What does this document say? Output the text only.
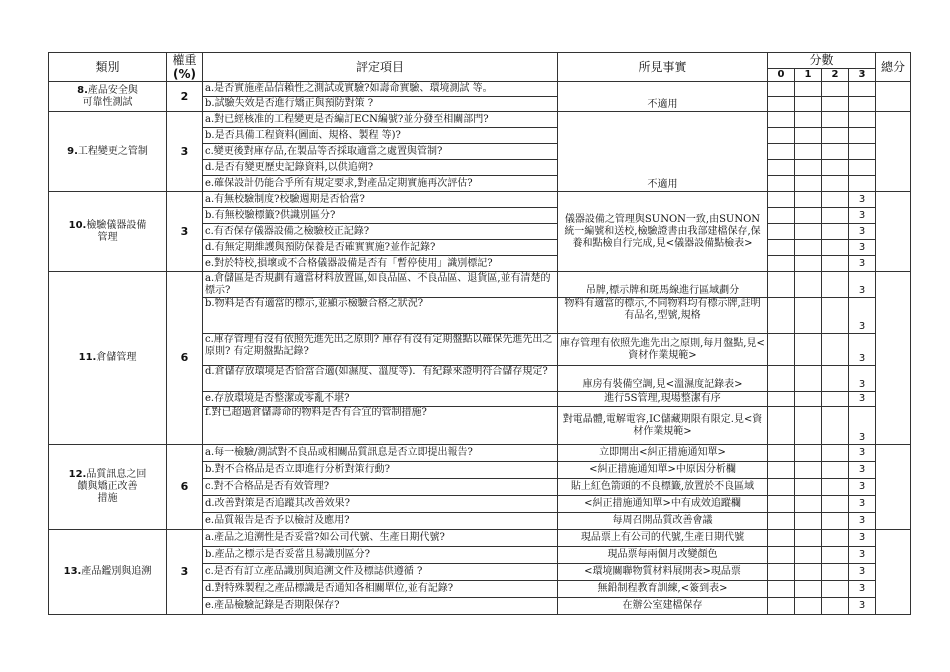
類別	權重
(%)	評定項目	所見事實	分數				總分
				0	1	2	3	
8.產品安全與
可靠性測試	2	a.是否實施產品信賴性之測試或實驗?如壽命實驗、環境測試 等。	不適用					
		b.試驗失效是否進行矯正與預防對策 ?						
9.工程變更之管制	3	a.對已經核准的工程變更是否編訂ECN編號?並分發至相關部門?	不適用					
		b.是否具備工程資料(圖面、規格、製程 等)?						
		c.變更後對庫存品,在製品等否採取適當之處置與管制?						
		d.是否有變更歷史記錄資料,以供追朔?						
		e.確保設計仍能合乎所有規定要求,對產品定期實施再次評估?						
10.檢驗儀器設備
管理	3	a.有無校驗制度?校驗週期是否恰當?	儀器設備之管理與SUNON一致,由SUNON統一編號和送校,檢驗證書由我部建檔保存,保養和點檢自行完成,見<儀器設備點檢表>				3	
		b.有無校驗標籤?供識別區分?					3	
		c.有否保存儀器設備之檢驗校正記錄?					3	
		d.有無定期維護與預防保養是否確實實施?並作記錄?					3	
		e.對於特校,損壞或不合格儀器設備是否有「暫停使用」識別標記?					3	
11.倉儲管理	6	a.倉儲區是否規劃有適當材料放置區,如良品區、不良品區、退貨區,並有清楚的標示?	吊牌,標示牌和斑馬線進行區域劃分				3	
		b.物料是否有適當的標示,並顯示檢驗合格之狀況?	物料有適當的標示,不同物料均有標示牌,註明有品名,型號,規格				3	
		c.庫存管理有沒有依照先進先出之原則? 庫存有沒有定期盤點以確保先進先出之原則? 有定期盤點記錄?	庫存管理有依照先進先出之原則,每月盤點,見<資材作業規範>				3	
		d.倉儲存放環境是否恰當合適(如濕度、溫度等)．有紀錄來證明符合儲存規定?	庫房有裝備空調,見<溫濕度記錄表>				3	
		e.存放環境是否整潔或零亂不堪?	進行5S管理,現場整潔有序				3	
		f.對已超過倉儲壽命的物料是否有合宜的管制措施?	對電晶體,電解電容,IC儲藏期限有限定.見<資材作業規範>				3	
12.品質訊息之回
饋與矯正改善
措施	6	a.每一檢驗/測試對不良品或相關品質訊息是否立即提出報告?	立即開出<糾正措施通知單>				3	
		b.對不合格品是否立即進行分析對策行動?	<糾正措施通知單>中原因分析欄				3	
		c.對不合格品是否有效管理?	貼上紅色箭頭的不良標籤,放置於不良區域				3	
		d.改善對策是否追蹤其改善效果?	<糾正措施通知單>中有成效追蹤欄				3	
		e.品質報告是否予以檢討及應用?	每周召開品質改善會議				3	
13.產品鑑別與追溯	3	a.產品之追溯性是否妥當?如公司代號、生產日期代號?	現品票上有公司的代號,生產日期代號				3	
		b.產品之標示是否妥當且易識別區分?	現品票每兩個月改變顏色				3	
		c.是否有訂立產品識別與追溯文件及標誌供遵循 ?	<環境關聯物質材料展開表>現品票				3	
		d.對特殊製程之產品標識是否通知各相關單位,並有記錄?	無鉛制程教育訓練,<簽到表>				3	
		e.產品檢驗記錄是否期限保存?	在辦公室建檔保存				3	
